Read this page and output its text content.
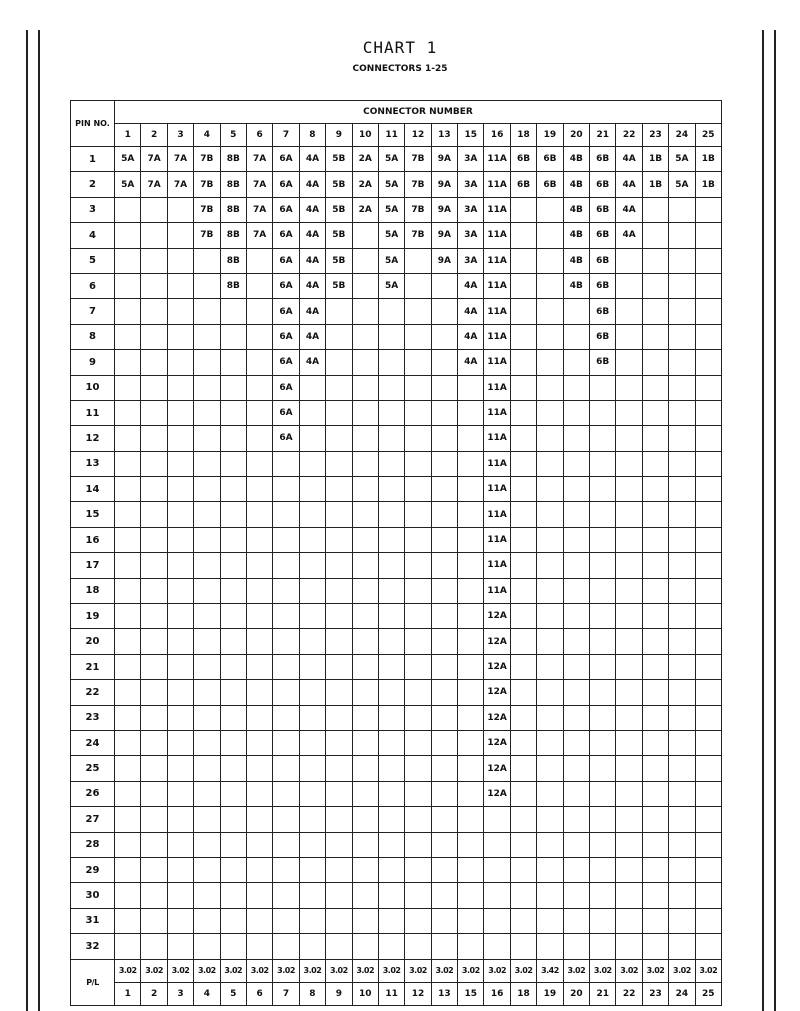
CHART 1
CONNECTORS 1-25
PIN NO.	CONNECTOR NUMBER																						
	1	2	3	4	5	6	7	8	9	10	11	12	13	15	16	18	19	20	21	22	23	24	25
1	5A	7A	7A	7B	8B	7A	6A	4A	5B	2A	5A	7B	9A	3A	11A	6B	6B	4B	6B	4A	1B	5A	1B
2	5A	7A	7A	7B	8B	7A	6A	4A	5B	2A	5A	7B	9A	3A	11A	6B	6B	4B	6B	4A	1B	5A	1B
3				7B	8B	7A	6A	4A	5B	2A	5A	7B	9A	3A	11A			4B	6B	4A			
4				7B	8B	7A	6A	4A	5B		5A	7B	9A	3A	11A			4B	6B	4A			
5					8B		6A	4A	5B		5A		9A	3A	11A			4B	6B				
6					8B		6A	4A	5B		5A			4A	11A			4B	6B				
7							6A	4A						4A	11A				6B				
8							6A	4A						4A	11A				6B				
9							6A	4A						4A	11A				6B				
10							6A								11A								
11							6A								11A								
12							6A								11A								
13															11A								
14															11A								
15															11A								
16															11A								
17															11A								
18															11A								
19															12A								
20															12A								
21															12A								
22															12A								
23															12A								
24															12A								
25															12A								
26															12A								
27																							
28																							
29																							
30																							
31																							
32																							
P/L	3.02	3.02	3.02	3.02	3.02	3.02	3.02	3.02	3.02	3.02	3.02	3.02	3.02	3.02	3.02	3.02	3.42	3.02	3.02	3.02	3.02	3.02	3.02
	1	2	3	4	5	6	7	8	9	10	11	12	13	15	16	18	19	20	21	22	23	24	25
